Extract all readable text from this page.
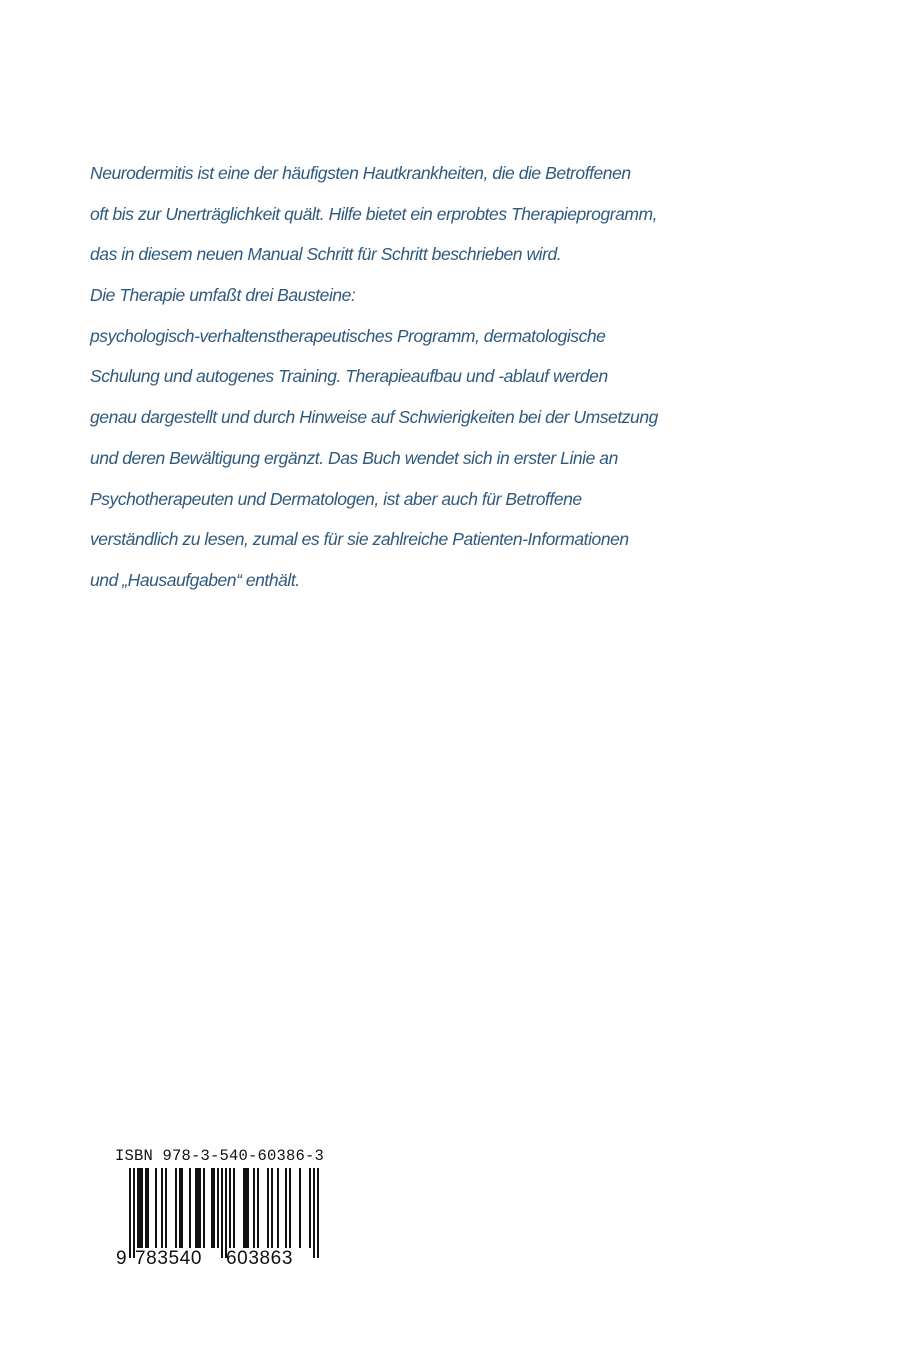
Neurodermitis ist eine der häufigsten Hautkrankheiten, die die Betroffenen
oft bis zur Unerträglichkeit quält. Hilfe bietet ein erprobtes Therapieprogramm,
das in diesem neuen Manual Schritt für Schritt beschrieben wird.
Die Therapie umfaßt drei Bausteine:
psychologisch-verhaltenstherapeutisches Programm, dermatologische
Schulung und autogenes Training. Therapieaufbau und -ablauf werden
genau dargestellt und durch Hinweise auf Schwierigkeiten bei der Umsetzung
und deren Bewältigung ergänzt. Das Buch wendet sich in erster Linie an
Psychotherapeuten und Dermatologen, ist aber auch für Betroffene
verständlich zu lesen, zumal es für sie zahlreiche Patienten-Informationen
und „Hausaufgaben“ enthält.
ISBN 978-3-540-60386-3
9 783540 603863
